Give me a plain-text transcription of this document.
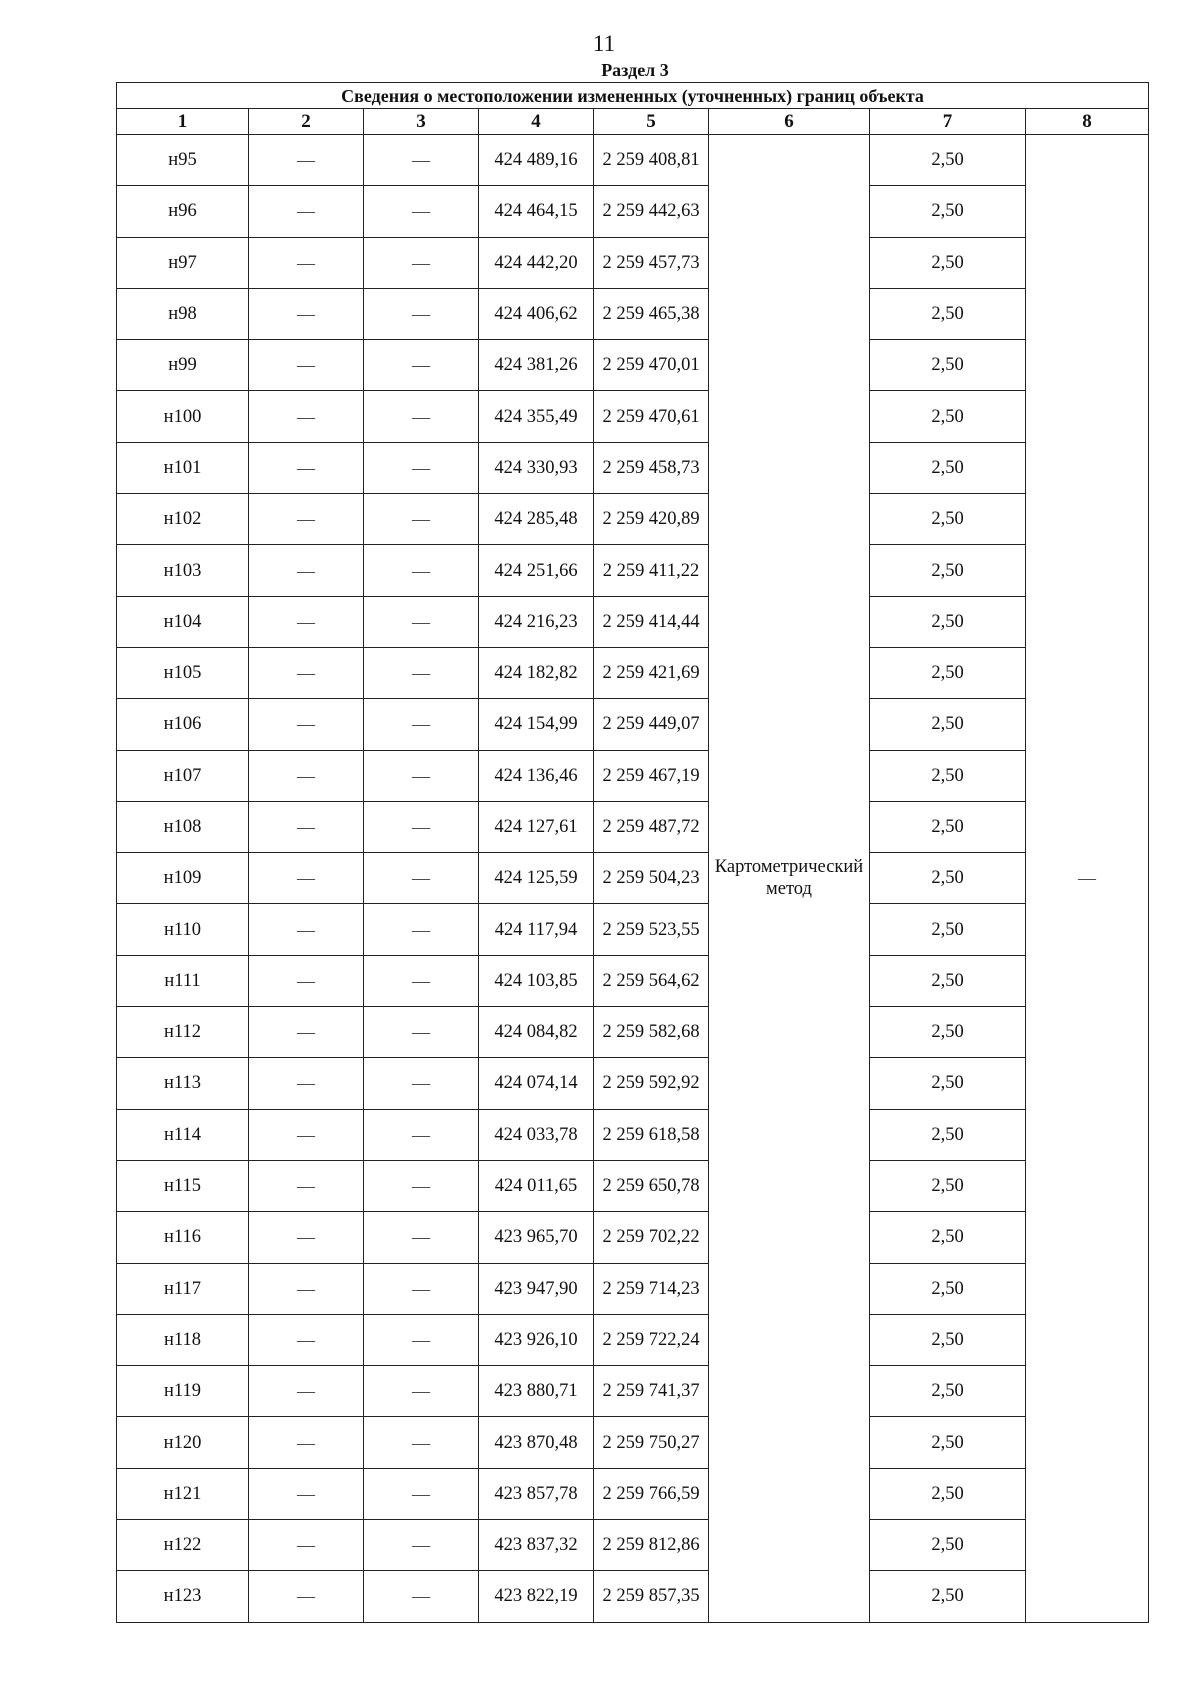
11
Раздел 3
Сведения о местоположении измененных (уточненных) границ объекта							
1	2	3	4	5	6	7	8
н95	—	—	424 489,16	2 259 408,81	Картометрический метод	2,50	—
н96	—	—	424 464,15	2 259 442,63		2,50	
н97	—	—	424 442,20	2 259 457,73		2,50	
н98	—	—	424 406,62	2 259 465,38		2,50	
н99	—	—	424 381,26	2 259 470,01		2,50	
н100	—	—	424 355,49	2 259 470,61		2,50	
н101	—	—	424 330,93	2 259 458,73		2,50	
н102	—	—	424 285,48	2 259 420,89		2,50	
н103	—	—	424 251,66	2 259 411,22		2,50	
н104	—	—	424 216,23	2 259 414,44		2,50	
н105	—	—	424 182,82	2 259 421,69		2,50	
н106	—	—	424 154,99	2 259 449,07		2,50	
н107	—	—	424 136,46	2 259 467,19		2,50	
н108	—	—	424 127,61	2 259 487,72		2,50	
н109	—	—	424 125,59	2 259 504,23		2,50	
н110	—	—	424 117,94	2 259 523,55		2,50	
н111	—	—	424 103,85	2 259 564,62		2,50	
н112	—	—	424 084,82	2 259 582,68		2,50	
н113	—	—	424 074,14	2 259 592,92		2,50	
н114	—	—	424 033,78	2 259 618,58		2,50	
н115	—	—	424 011,65	2 259 650,78		2,50	
н116	—	—	423 965,70	2 259 702,22		2,50	
н117	—	—	423 947,90	2 259 714,23		2,50	
н118	—	—	423 926,10	2 259 722,24		2,50	
н119	—	—	423 880,71	2 259 741,37		2,50	
н120	—	—	423 870,48	2 259 750,27		2,50	
н121	—	—	423 857,78	2 259 766,59		2,50	
н122	—	—	423 837,32	2 259 812,86		2,50	
н123	—	—	423 822,19	2 259 857,35		2,50	
